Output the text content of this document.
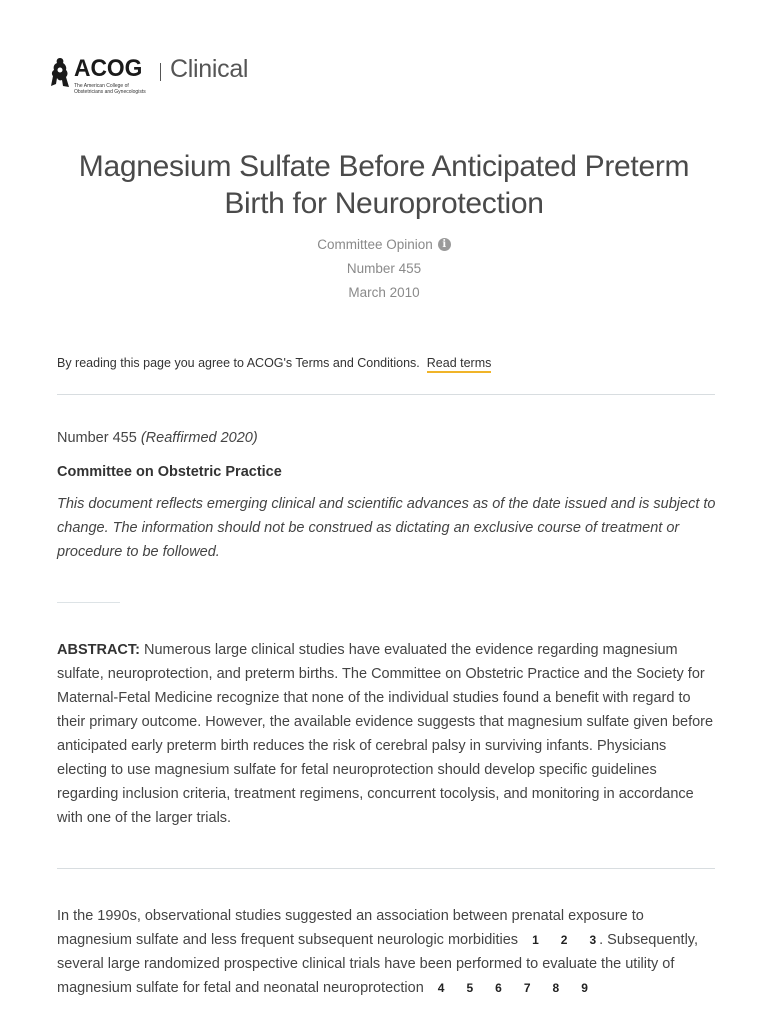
ACOG
The American College of
Obstetricians and Gynecologists
Clinical
Magnesium Sulfate Before Anticipated Preterm Birth for Neuroprotection
Committee Opinion i
Number 455
March 2010
By reading this page you agree to ACOG's Terms and Conditions. Read terms
Number 455 (Reaffirmed 2020)
Committee on Obstetric Practice
This document reflects emerging clinical and scientific advances as of the date issued and is subject to change. The information should not be construed as dictating an exclusive course of treatment or procedure to be followed.
ABSTRACT: Numerous large clinical studies have evaluated the evidence regarding magnesium sulfate, neuroprotection, and preterm births. The Committee on Obstetric Practice and the Society for Maternal-Fetal Medicine recognize that none of the individual studies found a benefit with regard to their primary outcome. However, the available evidence suggests that magnesium sulfate given before anticipated early preterm birth reduces the risk of cerebral palsy in surviving infants. Physicians electing to use magnesium sulfate for fetal neuroprotection should develop specific guidelines regarding inclusion criteria, treatment regimens, concurrent tocolysis, and monitoring in accordance with one of the larger trials.
In the 1990s, observational studies suggested an association between prenatal exposure to magnesium sulfate and less frequent subsequent neurologic morbidities 1 2 3 . Subsequently, several large randomized prospective clinical trials have been performed to evaluate the utility of magnesium sulfate for fetal and neonatal neuroprotection 4 5 6 7 8 9
